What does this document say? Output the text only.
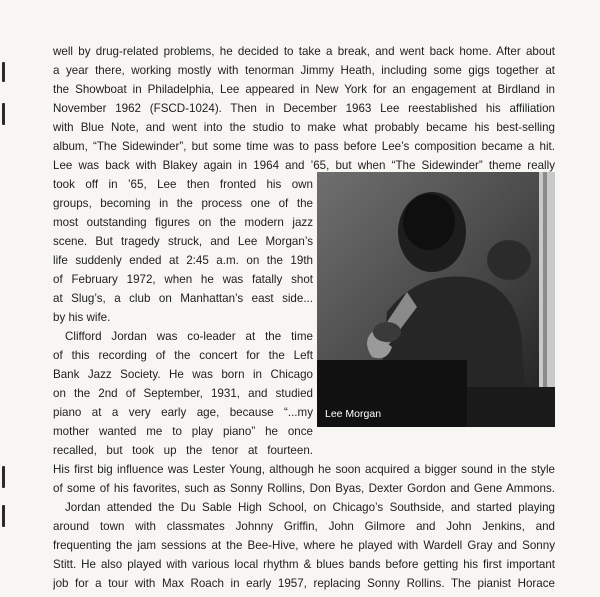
well by drug-related problems, he decided to take a break, and went back home. After about
a year there, working mostly with tenorman Jimmy Heath, including some gigs together at
the Showboat in Philadelphia, Lee appeared in New York for an engagement at Birdland in
November 1962 (FSCD-1024). Then in December 1963 Lee reestablished his affiliation
with Blue Note, and went into the studio to make what probably became his best-selling
album, “The Sidewinder”, but some time was to pass before Lee’s composition became a hit.
Lee was back with Blakey again in 1964 and ’65, but when “The Sidewinder” theme really
took off in ’65, Lee then fronted his own
groups, becoming in the process one of the
most outstanding figures on the modern jazz
scene. But tragedy struck, and Lee Morgan’s
life suddenly ended at 2:45 a.m. on the 19th
of February 1972, when he was fatally shot
at Slug’s, a club on Manhattan’s east side...
by his wife.
Clifford Jordan was co-leader at the time
of this recording of the concert for the Left
Bank Jazz Society. He was born in Chicago
on the 2nd of September, 1931, and studied
piano at a very early age, because “...my
mother wanted me to play piano” he once
recalled, but took up the tenor at fourteen.
His first big influence was Lester Young, although he soon acquired a bigger sound in the style
of some of his favorites, such as Sonny Rollins, Don Byas, Dexter Gordon and Gene Ammons.
Jordan attended the Du Sable High School, on Chicago’s Southside, and started playing
around town with classmates Johnny Griffin, John Gilmore and John Jenkins, and
frequenting the jam sessions at the Bee-Hive, where he played with Wardell Gray and Sonny
Stitt. He also played with various local rhythm & blues bands before getting his first important
job for a tour with Max Roach in early 1957, replacing Sonny Rollins. The pianist Horace
Lee Morgan
